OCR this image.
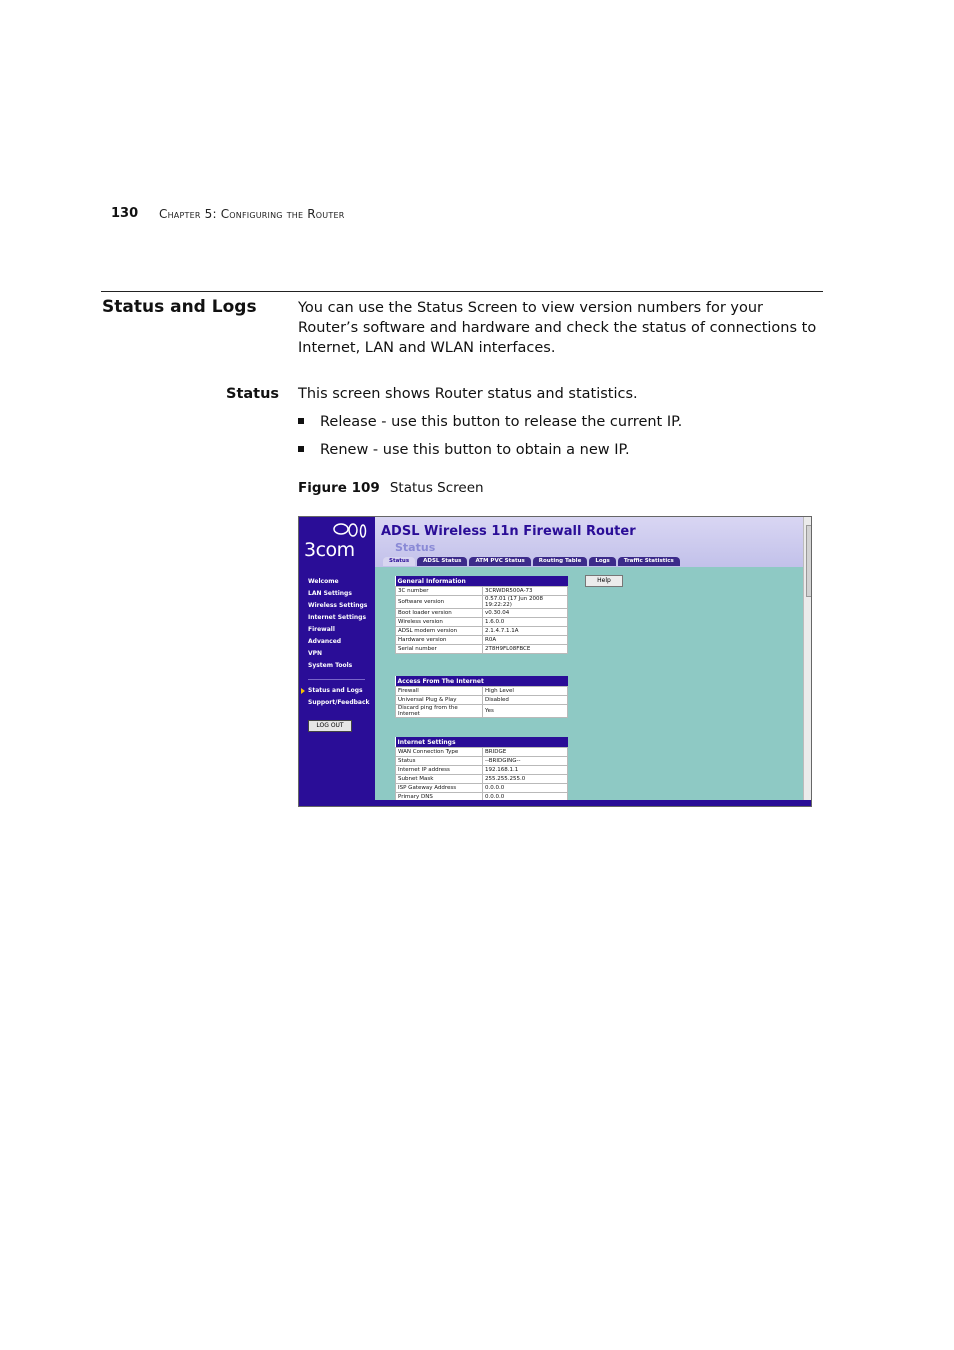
130 Chapter 5: Configuring the Router
Status and Logs	You can use the Status Screen to view version numbers for your Router’s software and hardware and check the status of connections to Internet, LAN and WLAN interfaces.
Status This screen shows Router status and statistics.
Release - use this button to release the current IP.
Renew - use this button to obtain a new IP.
Figure 109 Status Screen
3com
Welcome
LAN Settings
Wireless Settings
Internet Settings
Firewall
Advanced
VPN
System Tools
Status and Logs
Support/Feedback
LOG OUT
ADSL Wireless 11n Firewall Router
Status
Status	ADSL Status	ATM PVC Status	Routing Table	Logs	Traffic Statistics
Help
General Information	
3C number	3CRWDR500A-73
Software version	0.57.01 (17 Jun 2008 19:22:22)
Boot loader version	v0.30.04
Wireless version	1.6.0.0
ADSL modem version	2.1.4.7.1.1A
Hardware version	R0A
Serial number	2T8H9FL08FBCE
Access From The Internet	
Firewall	High Level
Universal Plug & Play	Disabled
Discard ping from the Internet	Yes
Internet Settings	
WAN Connection Type	BRIDGE
Status	--BRIDGING--
Internet IP address	192.168.1.1
Subnet Mask	255.255.255.0
ISP Gateway Address	0.0.0.0
Primary DNS	0.0.0.0
